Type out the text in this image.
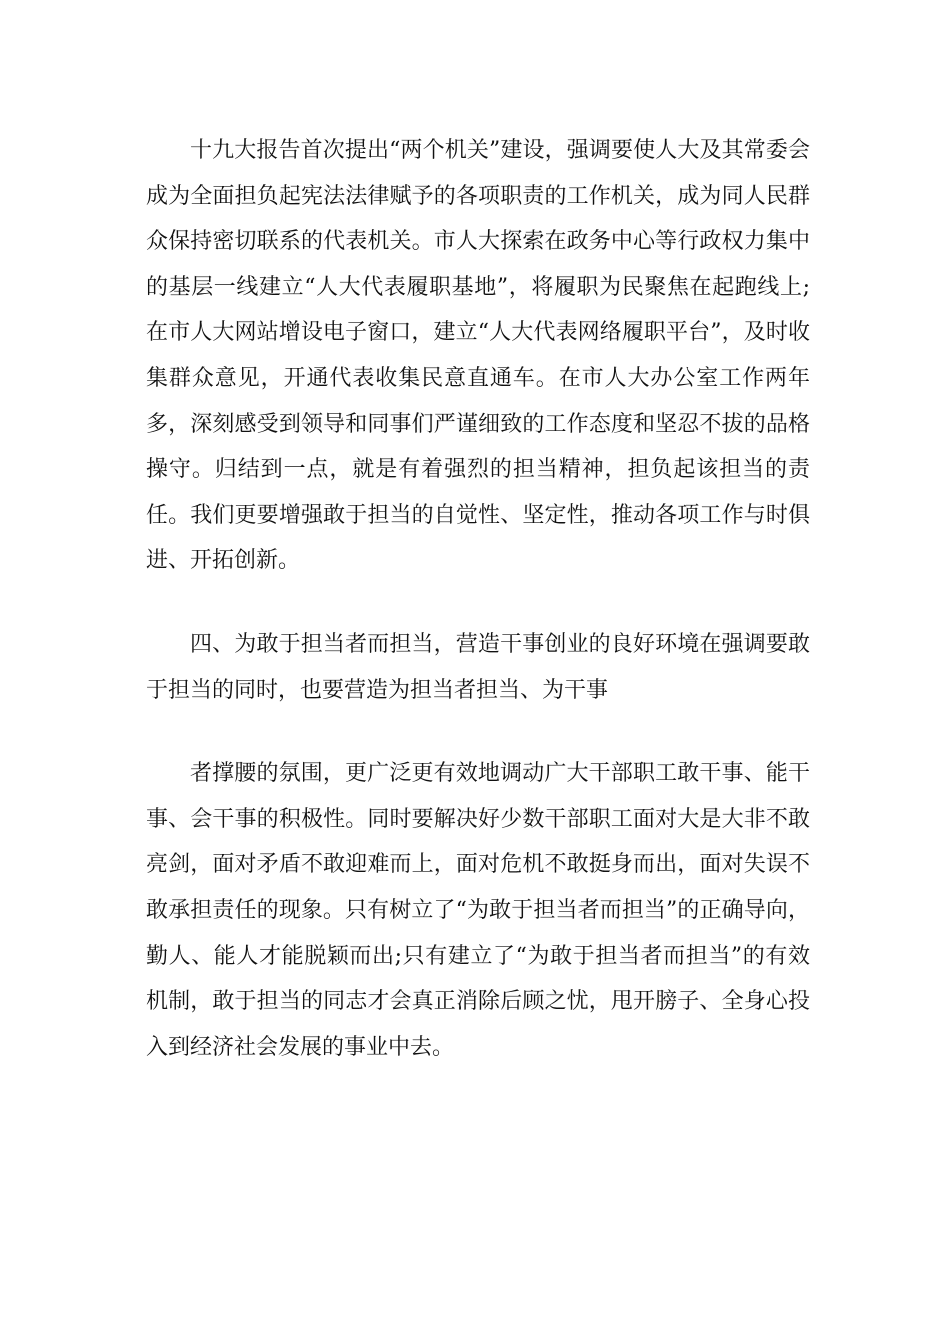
十九大报告首次提出“两个机关”建设，强调要使人大及其常委会成为全面担负起宪法法律赋予的各项职责的工作机关，成为同人民群众保持密切联系的代表机关。市人大探索在政务中心等行政权力集中的基层一线建立“人大代表履职基地”，将履职为民聚焦在起跑线上;在市人大网站增设电子窗口，建立“人大代表网络履职平台”，及时收集群众意见，开通代表收集民意直通车。在市人大办公室工作两年多，深刻感受到领导和同事们严谨细致的工作态度和坚忍不拔的品格操守。归结到一点，就是有着强烈的担当精神，担负起该担当的责任。我们更要增强敢于担当的自觉性、坚定性，推动各项工作与时俱进、开拓创新。

四、为敢于担当者而担当，营造干事创业的良好环境在强调要敢于担当的同时，也要营造为担当者担当、为干事

者撑腰的氛围，更广泛更有效地调动广大干部职工敢干事、能干事、会干事的积极性。同时要解决好少数干部职工面对大是大非不敢亮剑，面对矛盾不敢迎难而上，面对危机不敢挺身而出，面对失误不敢承担责任的现象。只有树立了“为敢于担当者而担当”的正确导向，勤人、能人才能脱颖而出;只有建立了“为敢于担当者而担当”的有效机制，敢于担当的同志才会真正消除后顾之忧，甩开膀子、全身心投入到经济社会发展的事业中去。
